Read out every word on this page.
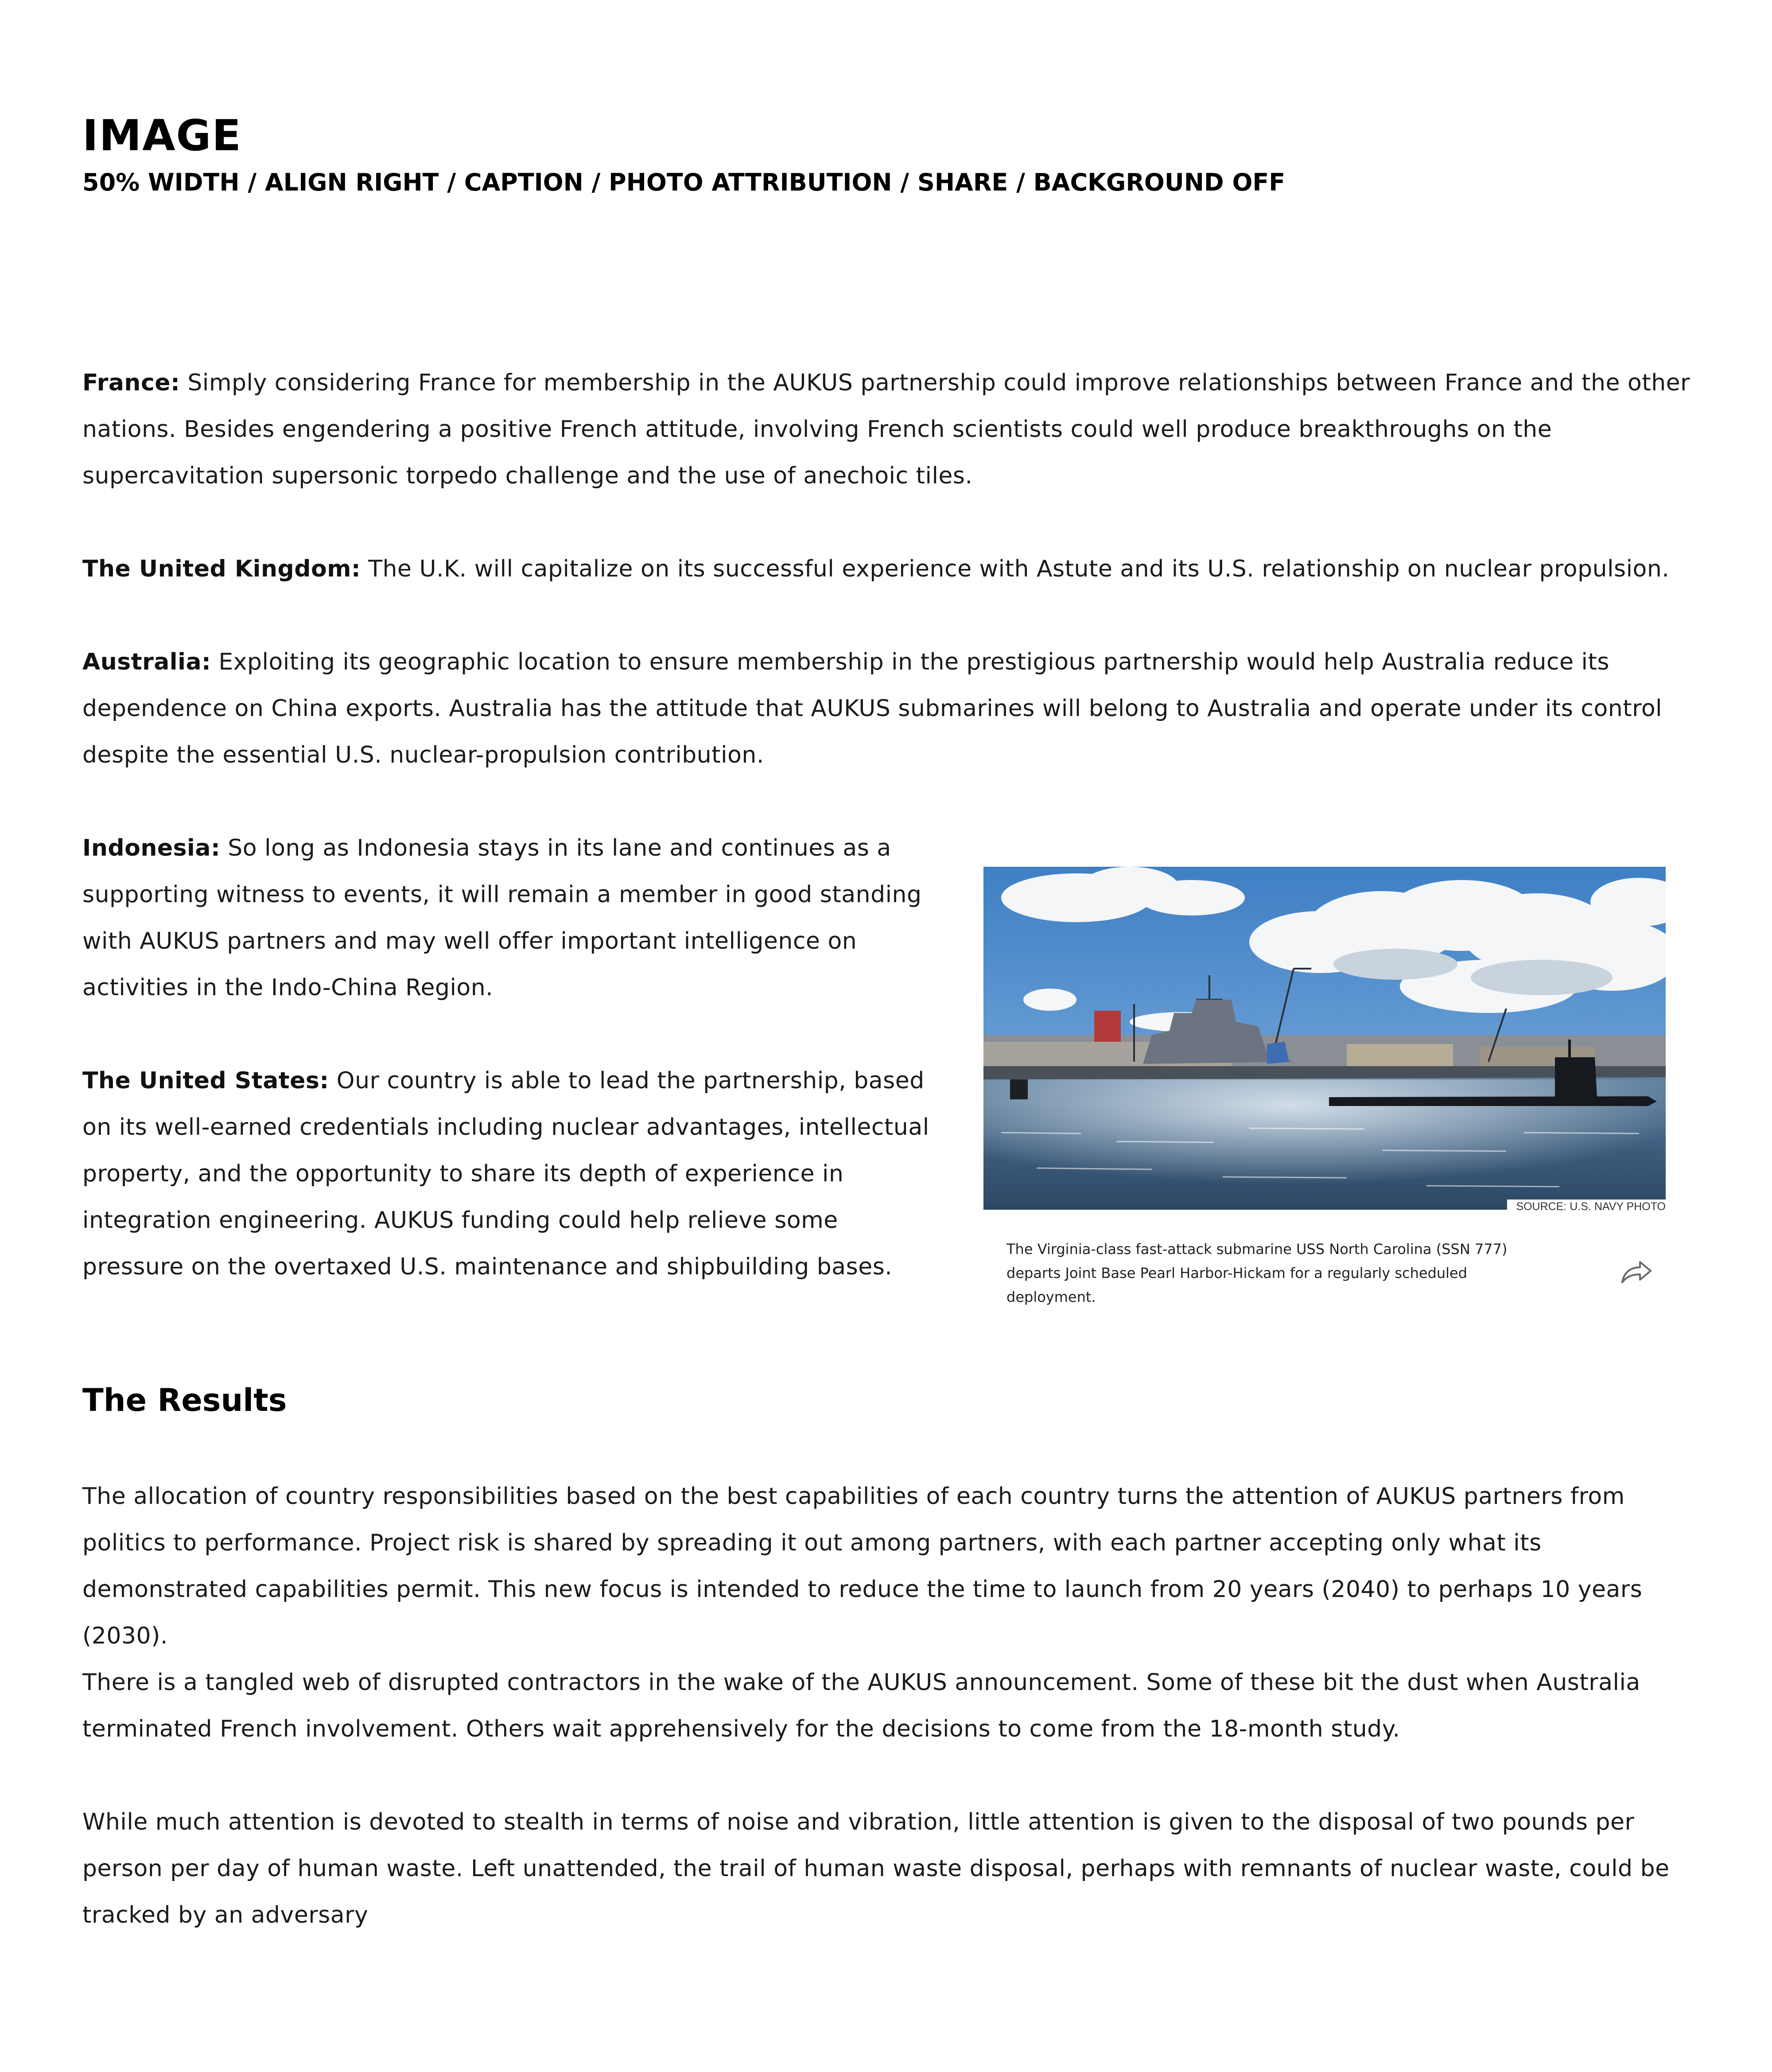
IMAGE
50% WIDTH / ALIGN RIGHT / CAPTION / PHOTO ATTRIBUTION / SHARE / BACKGROUND OFF

France: Simply considering France for membership in the AUKUS partnership could improve relationships between France and the other nations. Besides engendering a positive French attitude, involving French scientists could well produce breakthroughs on the supercavitation supersonic torpedo challenge and the use of anechoic tiles.

The United Kingdom: The U.K. will capitalize on its successful experience with Astute and its U.S. relationship on nuclear propulsion.

Australia: Exploiting its geographic location to ensure membership in the prestigious partnership would help Australia reduce its dependence on China exports. Australia has the attitude that AUKUS submarines will belong to Australia and operate under its control despite the essential U.S. nuclear-propulsion contribution.

Indonesia: So long as Indonesia stays in its lane and continues as a supporting witness to events, it will remain a member in good standing with AUKUS partners and may well offer important intelligence on activities in the Indo-China Region.

The United States: Our country is able to lead the partnership, based on its well-earned credentials including nuclear advantages, intellectual property, and the opportunity to share its depth of experience in integration engineering. AUKUS funding could help relieve some pressure on the overtaxed U.S. maintenance and shipbuilding bases.

SOURCE: U.S. NAVY PHOTO
The Virginia-class fast-attack submarine USS North Carolina (SSN 777) departs Joint Base Pearl Harbor-Hickam for a regularly scheduled deployment.
The Results

The allocation of country responsibilities based on the best capabilities of each country turns the attention of AUKUS partners from politics to performance. Project risk is shared by spreading it out among partners, with each partner accepting only what its demonstrated capabilities permit. This new focus is intended to reduce the time to launch from 20 years (2040) to perhaps 10 years (2030).

There is a tangled web of disrupted contractors in the wake of the AUKUS announcement. Some of these bit the dust when Australia terminated French involvement. Others wait apprehensively for the decisions to come from the 18-month study.

While much attention is devoted to stealth in terms of noise and vibration, little attention is given to the disposal of two pounds per person per day of human waste. Left unattended, the trail of human waste disposal, perhaps with remnants of nuclear waste, could be tracked by an adversary
